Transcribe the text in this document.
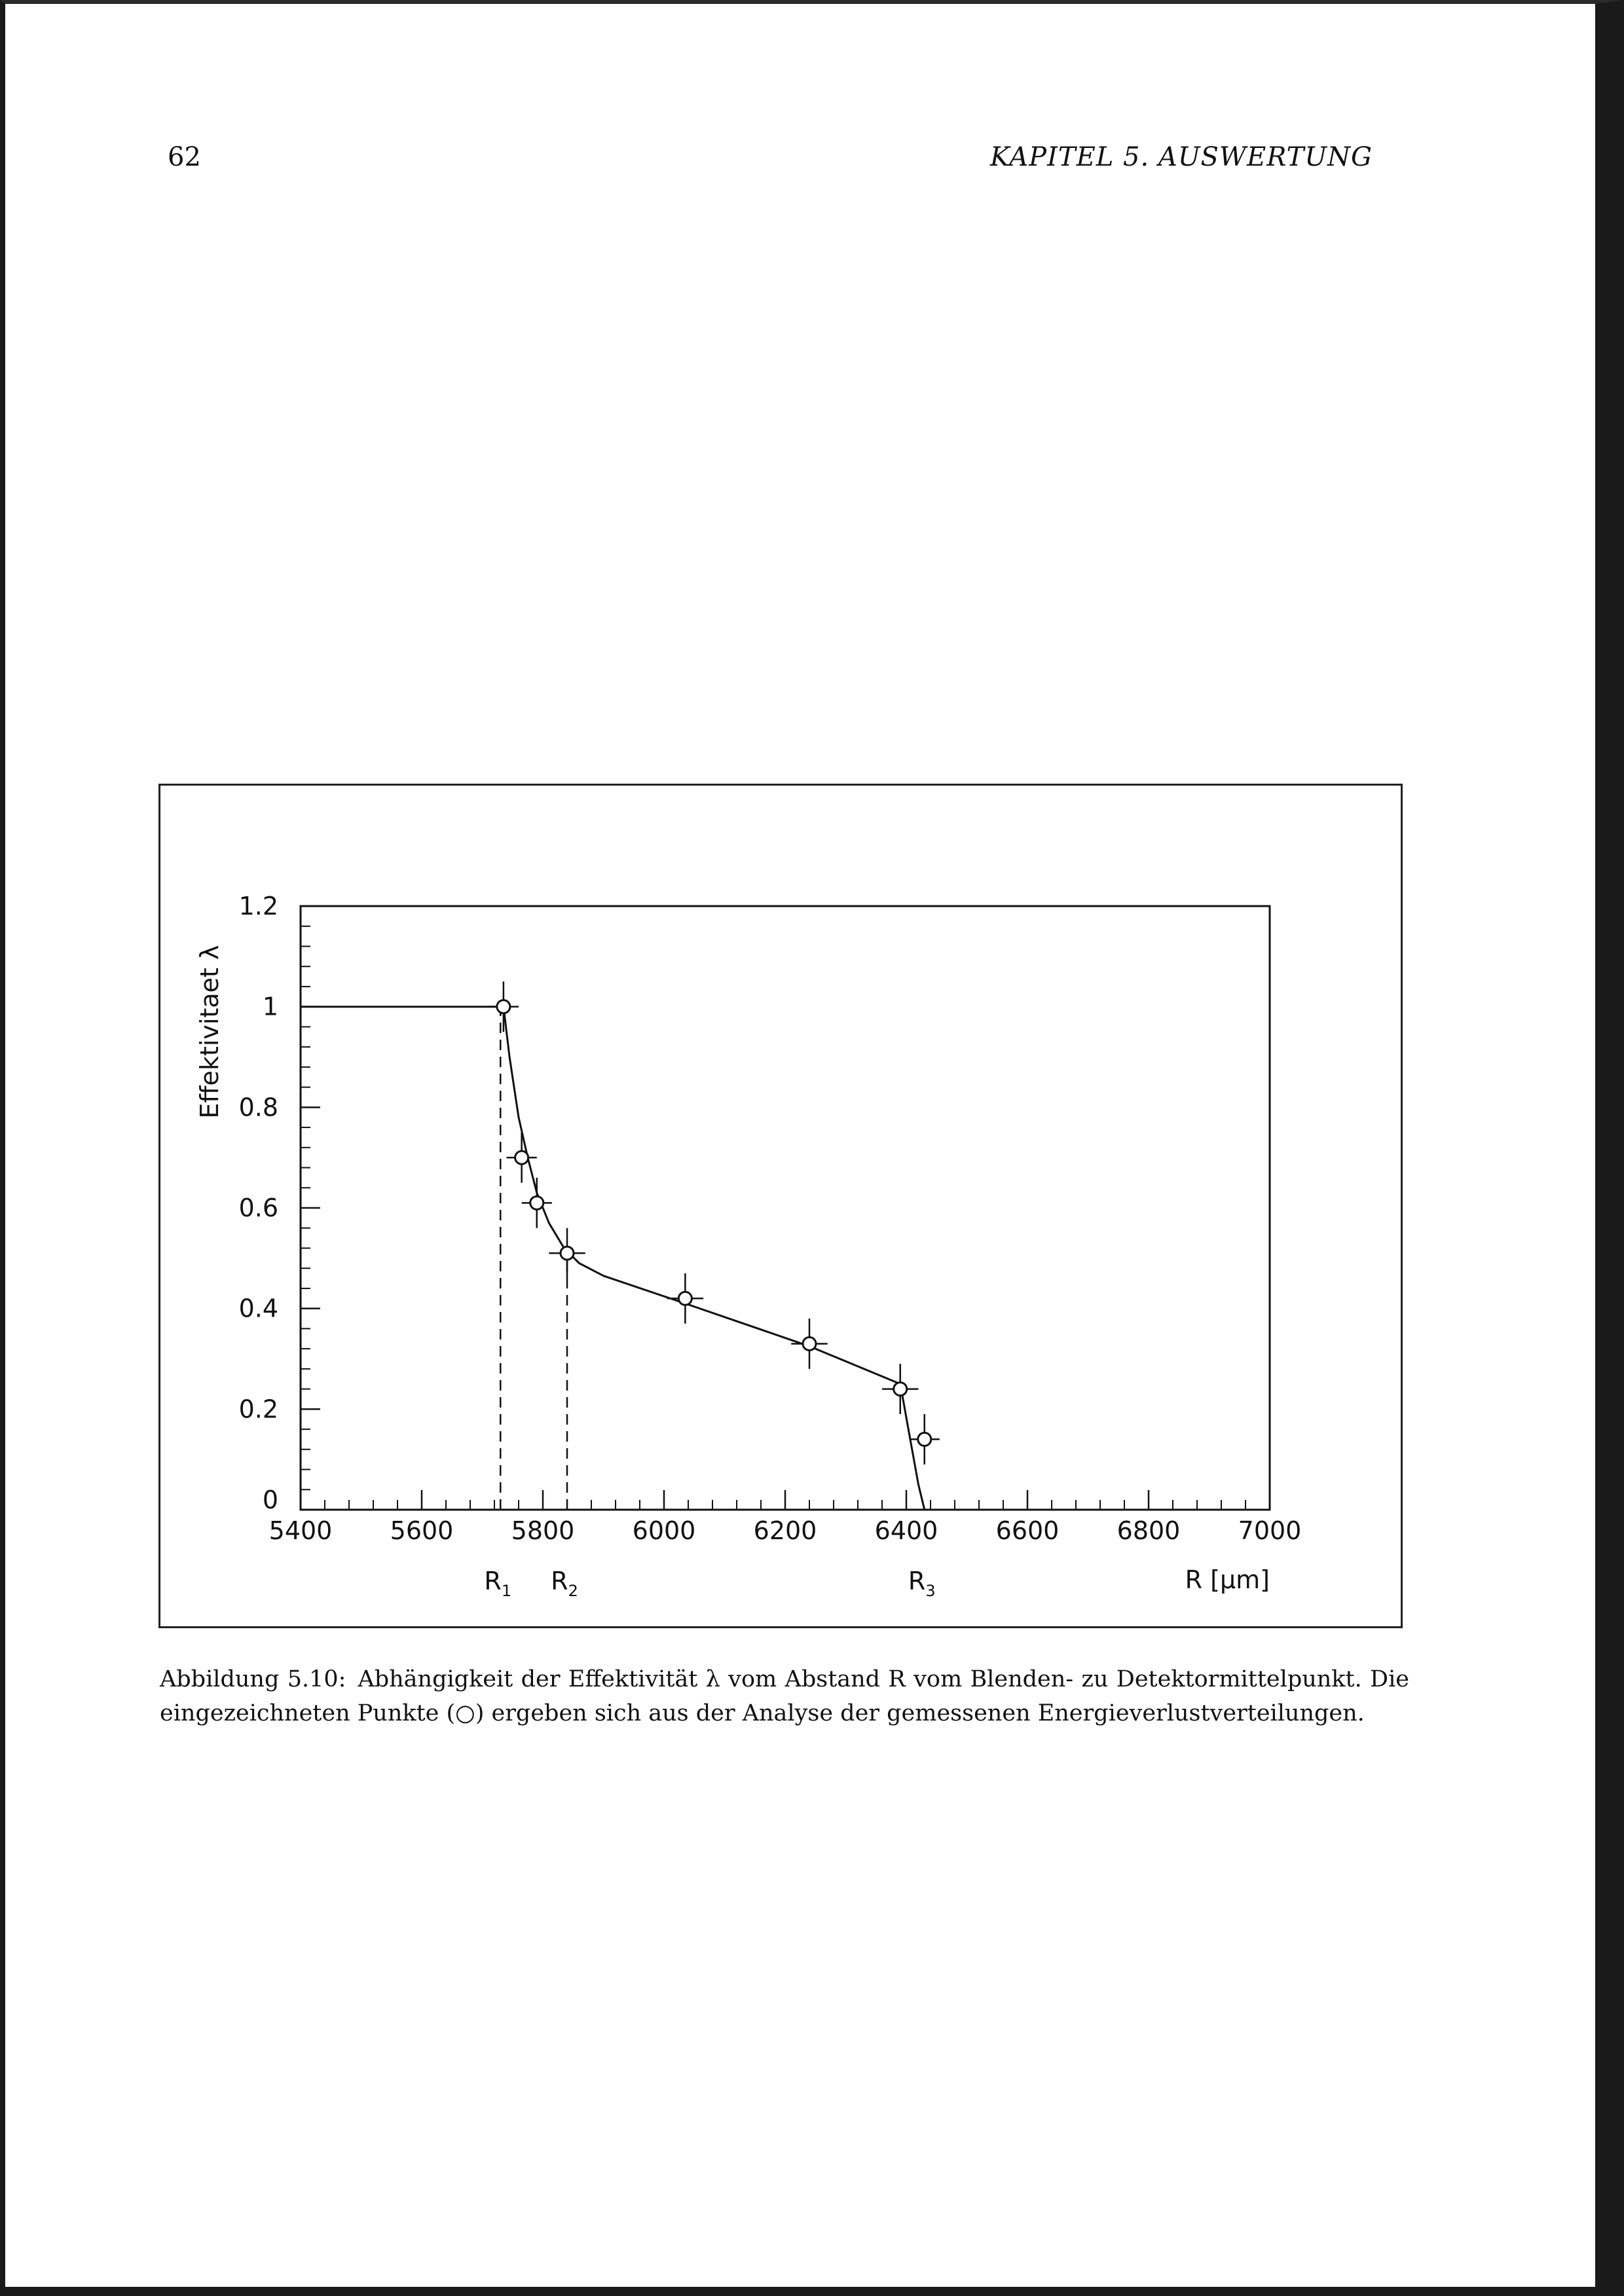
62	KAPITEL 5. AUSWERTUNG
5400 5600 5800 6000 6200 6400 6600 6800 7000
0
0.2
0.4
0.6
0.8
1
1.2
R [μm]
Effektivitaet λ
$R_1$ $R_2$	$R_3$
Abbildung 5.10: Abhängigkeit der Effektivität λ vom Abstand R vom Blenden- zu Detektormittelpunkt. Die eingezeichneten Punkte (○) ergeben sich aus der Analyse der gemessenen Energieverlustverteilungen.
